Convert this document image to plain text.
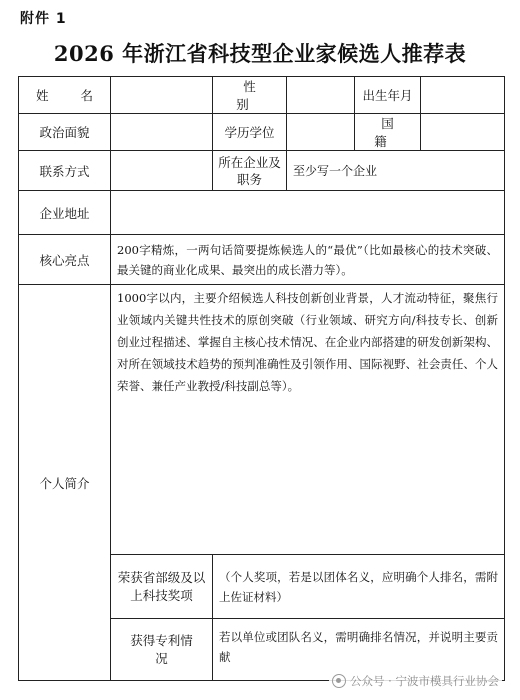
附件 1
2026 年浙江省科技型企业家候选人推荐表
姓 名		性 别		出生年月	
政治面貌		学历学位		国 籍	
联系方式		所在企业及职务	至少写一个企业		
企业地址					
核心亮点	200字精炼，一两句话简要提炼候选人的“最优”（比如最核心的技术突破、最关键的商业化成果、最突出的成长潜力等）。				
个人简介	1000字以内，主要介绍候选人科技创新创业背景，人才流动特征，聚焦行业领域内关键共性技术的原创突破（行业领域、研究方向/科技专长、创新创业过程描述、掌握自主核心技术情况、在企业内部搭建的研发创新架构、对所在领域技术趋势的预判准确性及引领作用、国际视野、社会责任、个人荣誉、兼任产业教授/科技副总等）。				
	荣获省部级及以上科技奖项	（个人奖项，若是以团体名义，应明确个人排名，需附上佐证材料）			
	获得专利情况	若以单位或团队名义，需明确排名情况，并说明主要贡献			
公众号 · 宁波市模具行业协会
